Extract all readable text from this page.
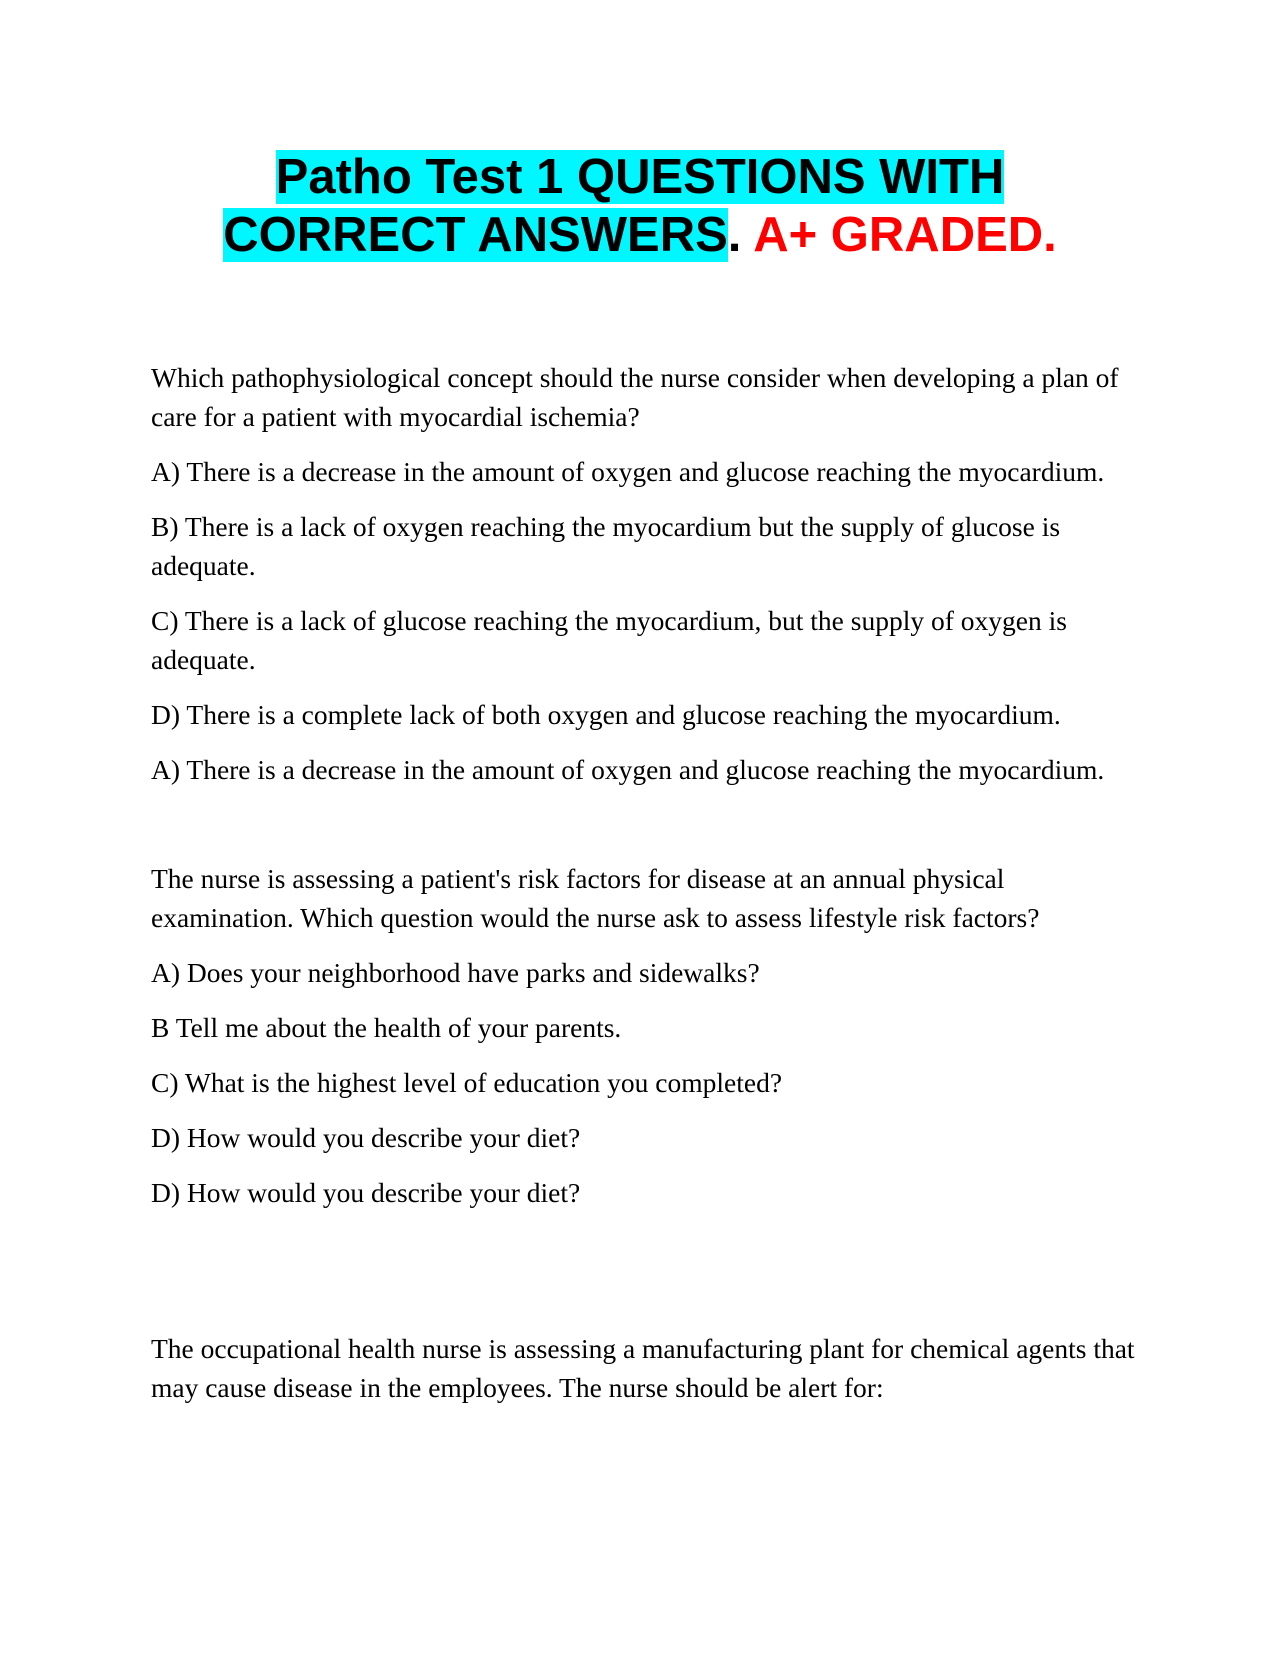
Patho Test 1 QUESTIONS WITH
CORRECT ANSWERS. A+ GRADED.

Which pathophysiological concept should the nurse consider when developing a plan of care for a patient with myocardial ischemia?

A) There is a decrease in the amount of oxygen and glucose reaching the myocardium.

B) There is a lack of oxygen reaching the myocardium but the supply of glucose is adequate.

C) There is a lack of glucose reaching the myocardium, but the supply of oxygen is adequate.

D) There is a complete lack of both oxygen and glucose reaching the myocardium.

A) There is a decrease in the amount of oxygen and glucose reaching the myocardium.

The nurse is assessing a patient's risk factors for disease at an annual physical examination. Which question would the nurse ask to assess lifestyle risk factors?

A) Does your neighborhood have parks and sidewalks?

B Tell me about the health of your parents.

C) What is the highest level of education you completed?

D) How would you describe your diet?

D) How would you describe your diet?

The occupational health nurse is assessing a manufacturing plant for chemical agents that may cause disease in the employees. The nurse should be alert for:
